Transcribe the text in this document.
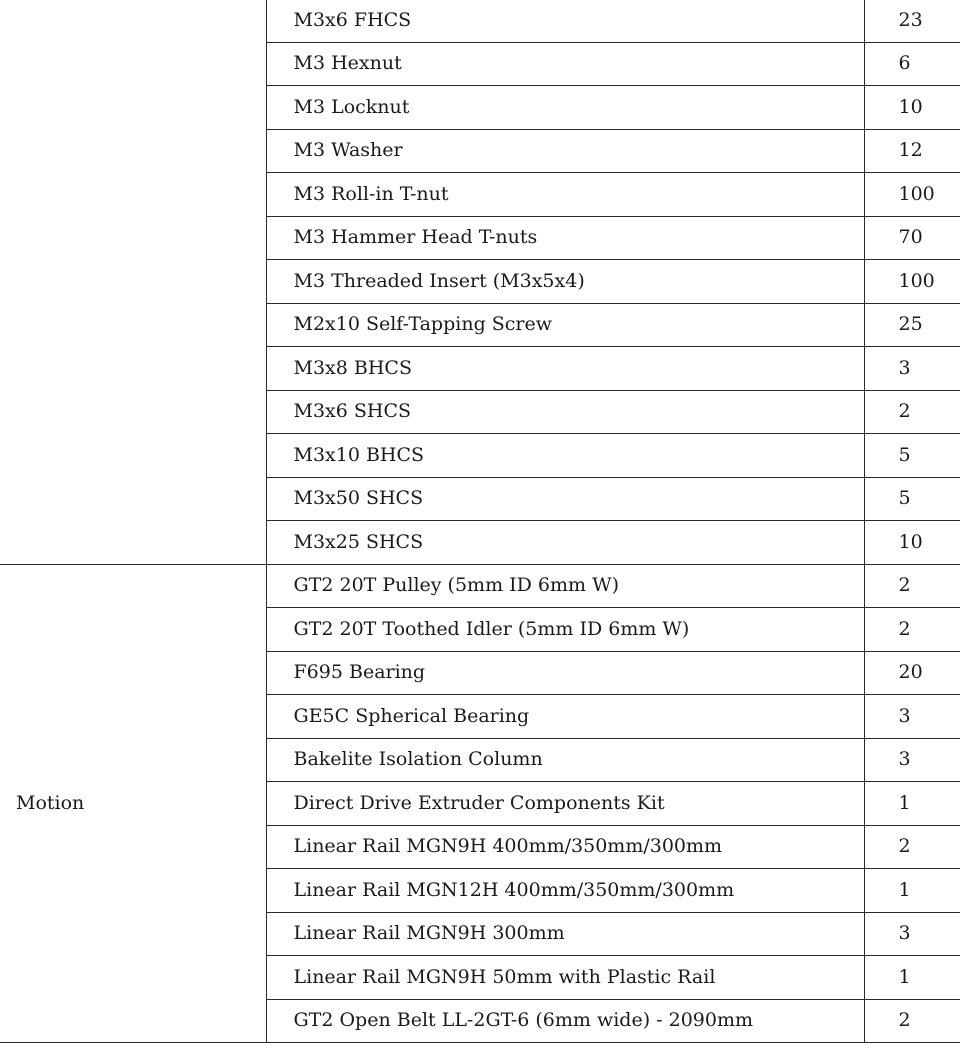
	M3x6 FHCS	23
	M3 Hexnut	6
	M3 Locknut	10
	M3 Washer	12
	M3 Roll-in T-nut	100
	M3 Hammer Head T-nuts	70
	M3 Threaded Insert (M3x5x4)	100
	M2x10 Self-Tapping Screw	25
	M3x8 BHCS	3
	M3x6 SHCS	2
	M3x10 BHCS	5
	M3x50 SHCS	5
	M3x25 SHCS	10
Motion	GT2 20T Pulley (5mm ID 6mm W)	2
	GT2 20T Toothed Idler (5mm ID 6mm W)	2
	F695 Bearing	20
	GE5C Spherical Bearing	3
	Bakelite Isolation Column	3
	Direct Drive Extruder Components Kit	1
	Linear Rail MGN9H 400mm/350mm/300mm	2
	Linear Rail MGN12H 400mm/350mm/300mm	1
	Linear Rail MGN9H 300mm	3
	Linear Rail MGN9H 50mm with Plastic Rail	1
	GT2 Open Belt LL-2GT-6 (6mm wide) - 2090mm	2
